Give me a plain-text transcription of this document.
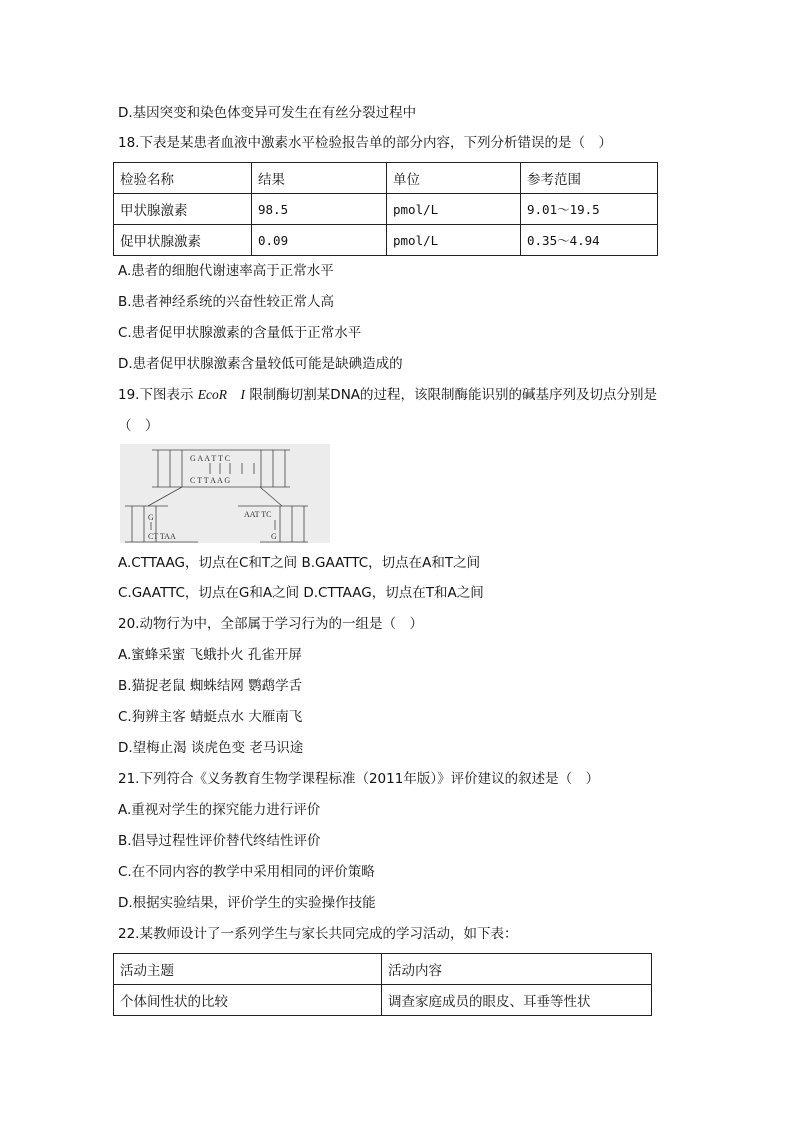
D.基因突变和染色体变异可发生在有丝分裂过程中
18.下表是某患者血液中激素水平检验报告单的部分内容，下列分析错误的是（　）
检验名称	结果	单位	参考范围
甲状腺激素	98.5	pmol/L	9.01～19.5
促甲状腺激素	0.09	pmol/L	0.35～4.94
A.患者的细胞代谢速率高于正常水平
B.患者神经系统的兴奋性较正常人高
C.患者促甲状腺激素的含量低于正常水平
D.患者促甲状腺激素含量较低可能是缺碘造成的
19.下图表示 EcoR　I 限制酶切割某DNA的过程，该限制酶能识别的碱基序列及切点分别是
（　）
G A A T T C
C T T A A G
G
CT TAA
AAT TC
G
A.CTTAAG，切点在C和T之间 B.GAATTC，切点在A和T之间
C.GAATTC，切点在G和A之间 D.CTTAAG，切点在T和A之间
20.动物行为中，全部属于学习行为的一组是（　）
A.蜜蜂采蜜 飞蛾扑火 孔雀开屏
B.猫捉老鼠 蜘蛛结网 鹦鹉学舌
C.狗辨主客 蜻蜓点水 大雁南飞
D.望梅止渴 谈虎色变 老马识途
21.下列符合《义务教育生物学课程标准（2011年版）》评价建议的叙述是（　）
A.重视对学生的探究能力进行评价
B.倡导过程性评价替代终结性评价
C.在不同内容的教学中采用相同的评价策略
D.根据实验结果，评价学生的实验操作技能
22.某教师设计了一系列学生与家长共同完成的学习活动，如下表：
活动主题	活动内容
个体间性状的比较	调查家庭成员的眼皮、耳垂等性状
